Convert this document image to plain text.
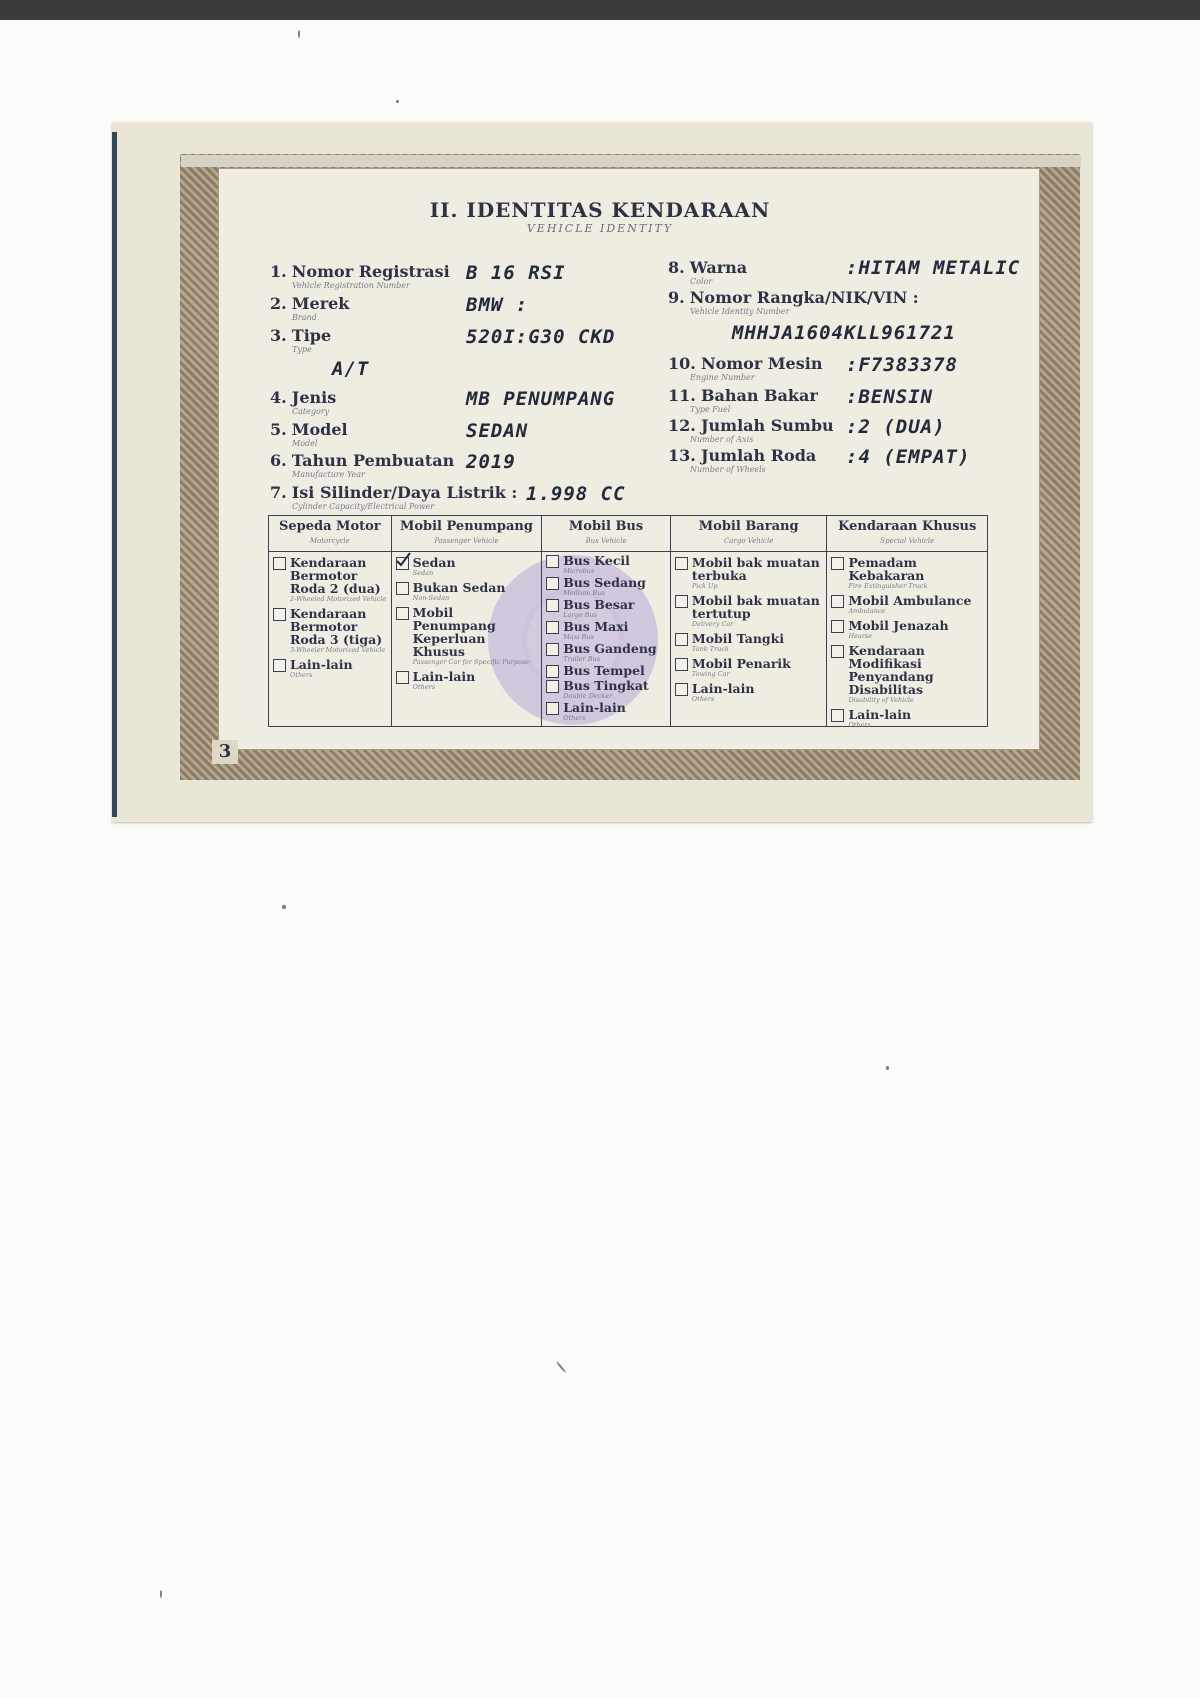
II. IDENTITAS KENDARAAN
VEHICLE IDENTITY
1. Nomor Registrasi
Vehicle Registration Number
B 16 RSI
2. Merek
Brand
BMW :
3. Tipe
Type
520I:G30 CKD
A/T
4. Jenis
Category
MB PENUMPANG
5. Model
Model
SEDAN
6. Tahun Pembuatan
Manufacture Year
2019
7. Isi Silinder/Daya Listrik :
Cylinder Capacity/Electrical Power
1.998 CC
8. Warna
Color
:HITAM METALIC
9. Nomor Rangka/NIK/VIN :
Vehicle Identity Number
MHHJA1604KLL961721
10. Nomor Mesin
Engine Number
:F7383378
11. Bahan Bakar
Type Fuel
:BENSIN
12. Jumlah Sumbu
Number of Axis
:2 (DUA)
13. Jumlah Roda
Number of Wheels
:4 (EMPAT)
Sepeda Motor
Motorcycle
Kendaraan Bermotor Roda 2 (dua)
2-Wheeled Motorized Vehicle
Kendaraan Bermotor Roda 3 (tiga)
3-Wheeler Motorized Vehicle
Lain-lain
Others
Mobil Penumpang
Passenger Vehicle
Sedan
Sedan
Bukan Sedan
Non-Sedan
Mobil Penumpang Keperluan Khusus
Passenger Car for Specific Purpose
Lain-lain
Others
Mobil Bus
Bus Vehicle
Bus Kecil
Microbus
Bus Sedang
Medium Bus
Bus Besar
Large Bus
Bus Maxi
Maxi Bus
Bus Gandeng
Trailer Bus
Bus Tempel
Bus Tingkat
Double Decker
Lain-lain
Others
Mobil Barang
Cargo Vehicle
Mobil bak muatan terbuka
Pick Up
Mobil bak muatan tertutup
Delivery Car
Mobil Tangki
Tank Truck
Mobil Penarik
Towing Car
Lain-lain
Others
Kendaraan Khusus
Special Vehicle
Pemadam Kebakaran
Fire Extinguisher Truck
Mobil Ambulance
Ambulance
Mobil Jenazah
Hearse
Kendaraan Modifikasi Penyandang Disabilitas
Disability of Vehicle
Lain-lain
Others
3
